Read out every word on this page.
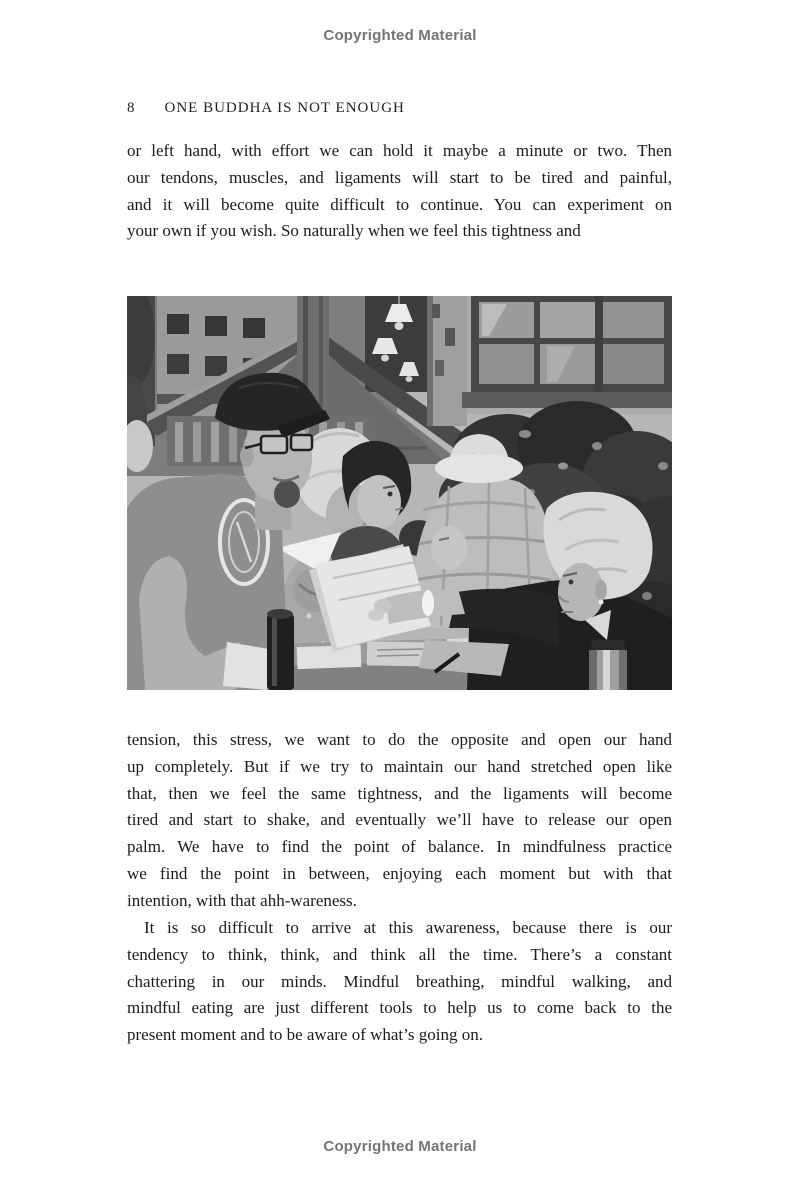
Copyrighted Material
8 ONE BUDDHA IS NOT ENOUGH
or left hand, with effort we can hold it maybe a minute or two. Then
our tendons, muscles, and ligaments will start to be tired and painful,
and it will become quite difficult to continue. You can experiment on
your own if you wish. So naturally when we feel this tightness and
tension, this stress, we want to do the opposite and open our hand
up completely. But if we try to maintain our hand stretched open like
that, then we feel the same tightness, and the ligaments will become
tired and start to shake, and eventually we’ll have to release our open
palm. We have to find the point of balance. In mindfulness practice
we find the point in between, enjoying each moment but with that
intention, with that ahh-wareness.
It is so difficult to arrive at this awareness, because there is our
tendency to think, think, and think all the time. There’s a constant
chattering in our minds. Mindful breathing, mindful walking, and
mindful eating are just different tools to help us to come back to the
present moment and to be aware of what’s going on.
Copyrighted Material
